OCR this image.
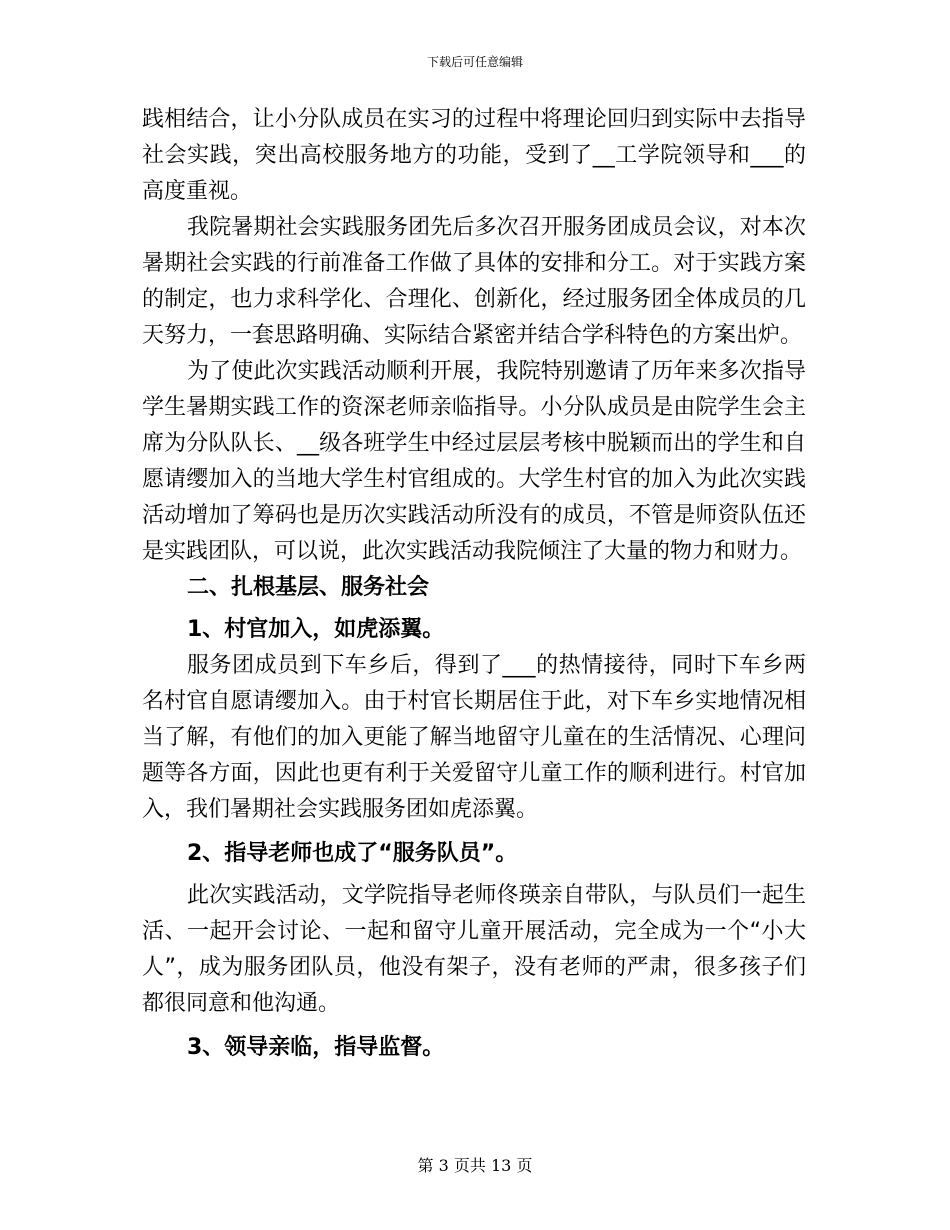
下载后可任意编辑

践相结合，让小分队成员在实习的过程中将理论回归到实际中去指导社会实践，突出高校服务地方的功能，受到了__工学院领导和___的高度重视。

我院暑期社会实践服务团先后多次召开服务团成员会议，对本次暑期社会实践的行前准备工作做了具体的安排和分工。对于实践方案的制定，也力求科学化、合理化、创新化，经过服务团全体成员的几天努力，一套思路明确、实际结合紧密并结合学科特色的方案出炉。

为了使此次实践活动顺利开展，我院特别邀请了历年来多次指导学生暑期实践工作的资深老师亲临指导。小分队成员是由院学生会主席为分队队长、__级各班学生中经过层层考核中脱颖而出的学生和自愿请缨加入的当地大学生村官组成的。大学生村官的加入为此次实践活动增加了筹码也是历次实践活动所没有的成员，不管是师资队伍还是实践团队，可以说，此次实践活动我院倾注了大量的物力和财力。

二、扎根基层、服务社会

1、村官加入，如虎添翼。

服务团成员到下车乡后，得到了___的热情接待，同时下车乡两名村官自愿请缨加入。由于村官长期居住于此，对下车乡实地情况相当了解，有他们的加入更能了解当地留守儿童在的生活情况、心理问题等各方面，因此也更有利于关爱留守儿童工作的顺利进行。村官加入，我们暑期社会实践服务团如虎添翼。

2、指导老师也成了“服务队员”。

此次实践活动，文学院指导老师佟瑛亲自带队，与队员们一起生活、一起开会讨论、一起和留守儿童开展活动，完全成为一个“小大人”，成为服务团队员，他没有架子，没有老师的严肃，很多孩子们都很同意和他沟通。

3、领导亲临，指导监督。

第 3 页共 13 页
